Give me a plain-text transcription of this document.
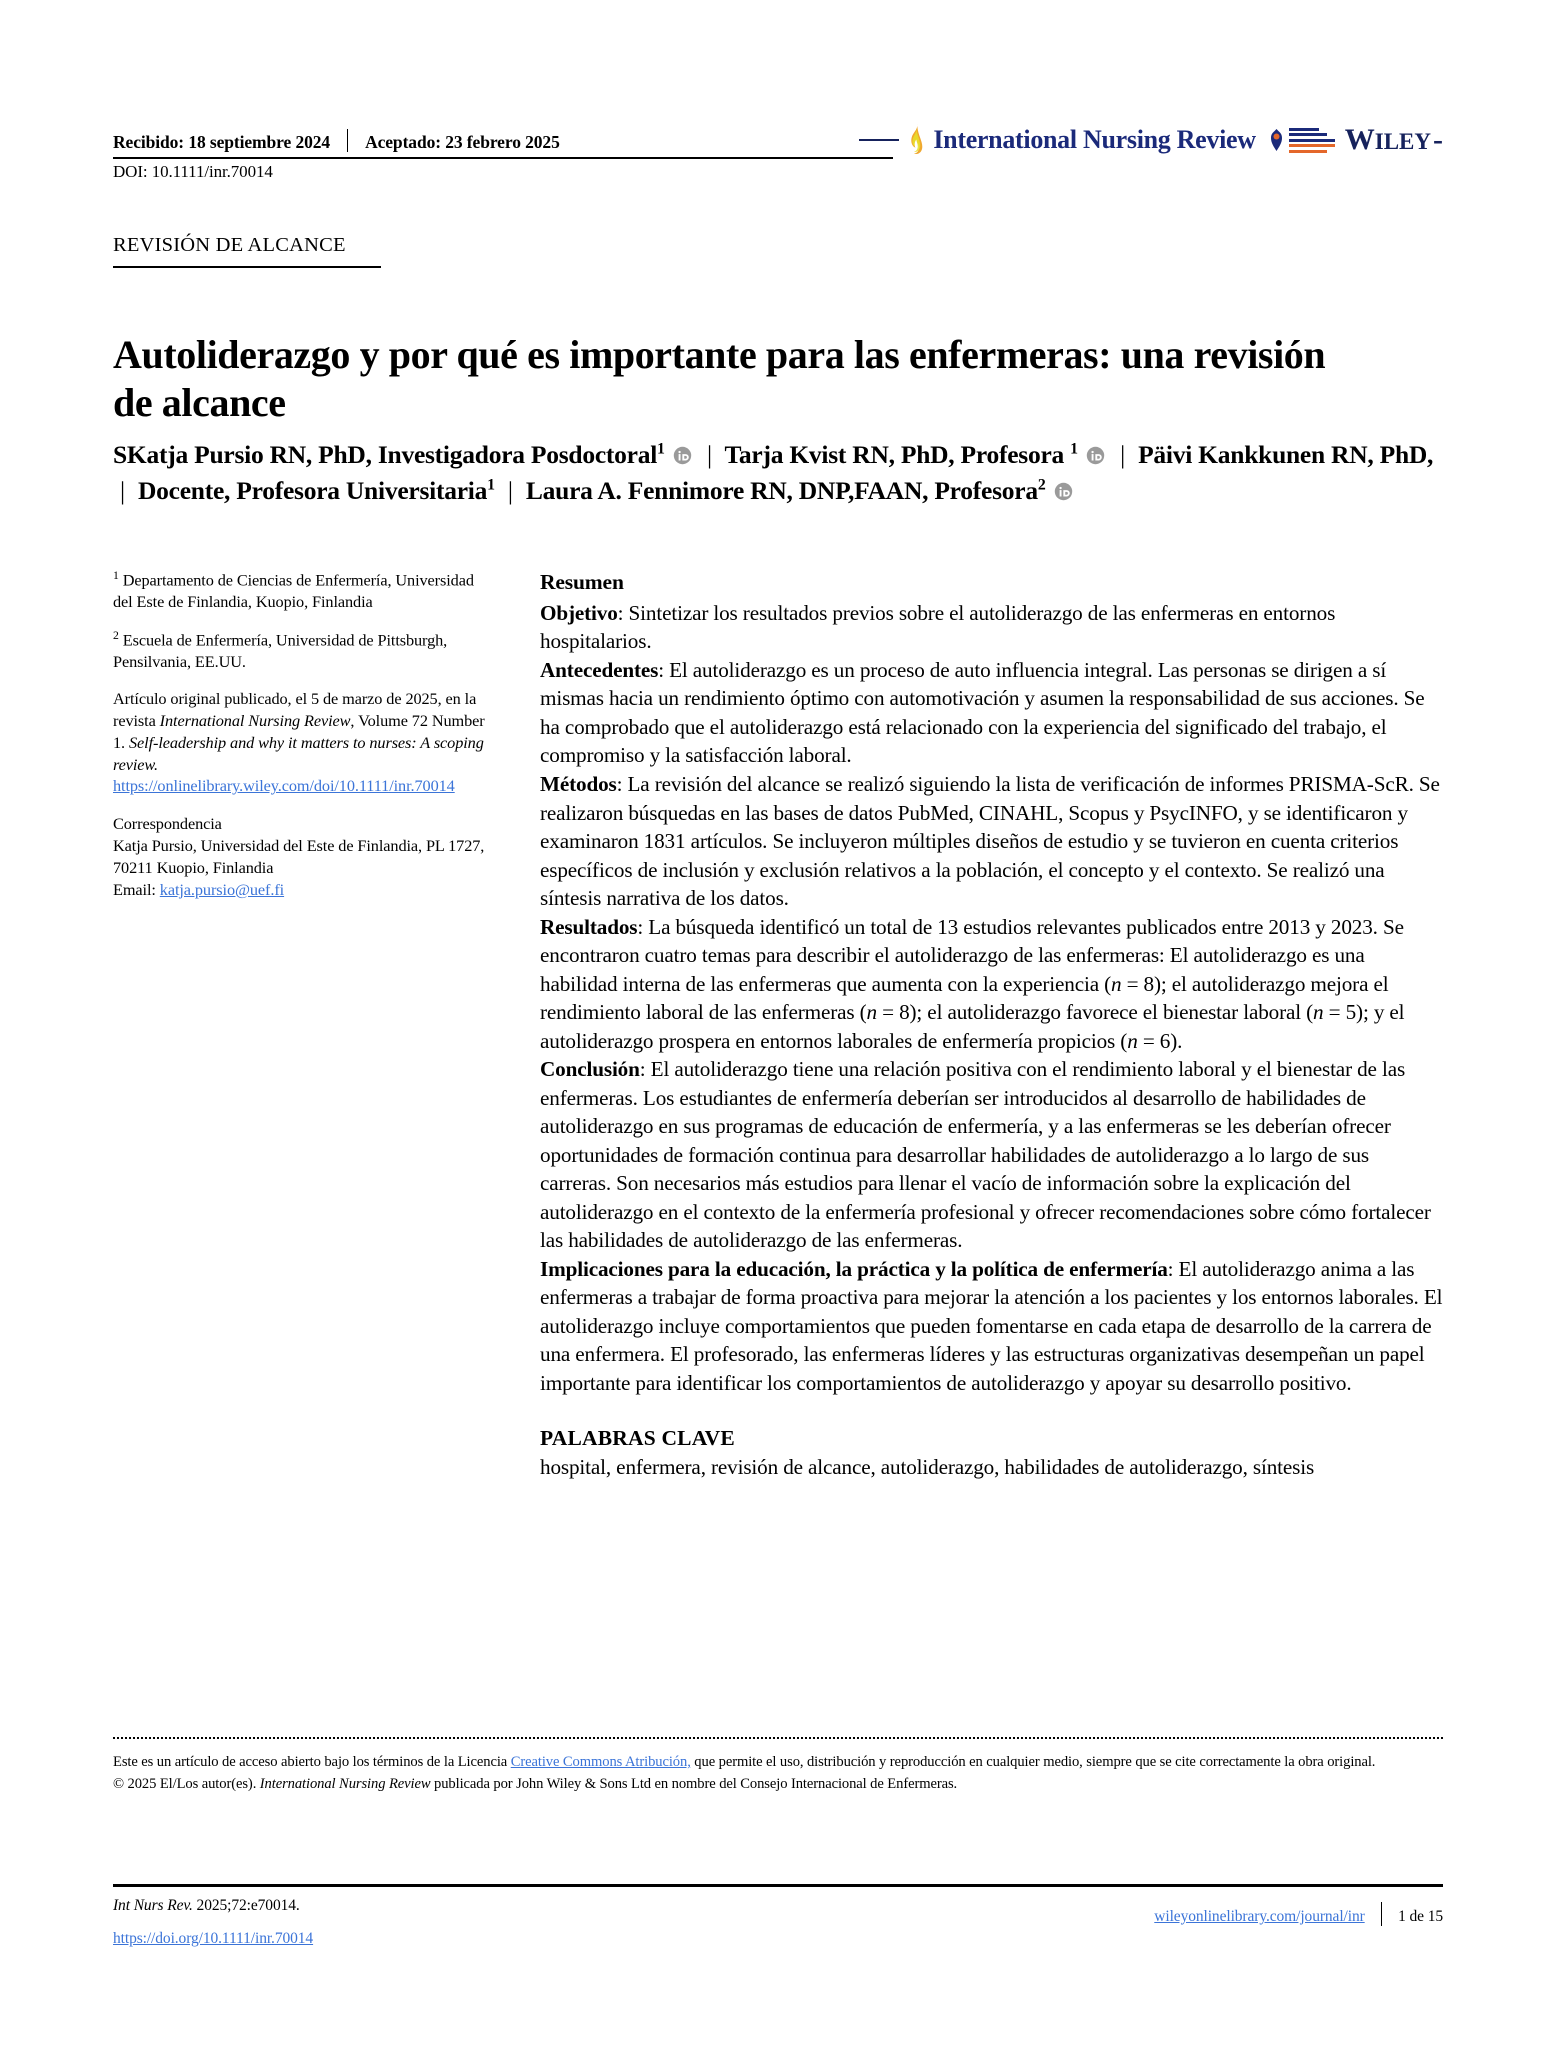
Recibido: 18 septiembre 2024 Aceptado: 23 febrero 2025
DOI: 10.1111/inr.70014
International Nursing Review	WILEY -
REVISIÓN DE ALCANCE
Autoliderazgo y por qué es importante para las enfermeras: una revisión de alcance
SKatja Pursio RN, PhD, Investigadora Posdoctoral$^1$ | Tarja Kvist RN, PhD, Profesora $^1$ | Päivi Kankkunen RN, PhD, | Docente, Profesora Universitaria$^1$ | Laura A. Fennimore RN, DNP,FAAN, Profesora$^2$

$^1$ Departamento de Ciencias de Enfermería, Universidad del Este de Finlandia, Kuopio, Finlandia

$^2$ Escuela de Enfermería, Universidad de Pittsburgh, Pensilvania, EE.UU.

Artículo original publicado, el 5 de marzo de 2025, en la revista International Nursing Review, Volume 72 Number 1. Self-leadership and why it matters to nurses: A scoping review.
https://onlinelibrary.wiley.com/doi/10.1111/inr.70014

Correspondencia

Katja Pursio, Universidad del Este de Finlandia, PL 1727, 70211 Kuopio, Finlandia
Email: katja.pursio@uef.fi

Resumen

Objetivo: Sintetizar los resultados previos sobre el autoliderazgo de las enfermeras en entornos hospitalarios.

Antecedentes: El autoliderazgo es un proceso de auto influencia integral. Las personas se dirigen a sí mismas hacia un rendimiento óptimo con automotivación y asumen la responsabilidad de sus acciones. Se ha comprobado que el autoliderazgo está relacionado con la experiencia del significado del trabajo, el compromiso y la satisfacción laboral.

Métodos: La revisión del alcance se realizó siguiendo la lista de verificación de informes PRISMA-ScR. Se realizaron búsquedas en las bases de datos PubMed, CINAHL, Scopus y PsycINFO, y se identificaron y examinaron 1831 artículos. Se incluyeron múltiples diseños de estudio y se tuvieron en cuenta criterios específicos de inclusión y exclusión relativos a la población, el concepto y el contexto. Se realizó una síntesis narrativa de los datos.

Resultados: La búsqueda identificó un total de 13 estudios relevantes publicados entre 2013 y 2023. Se encontraron cuatro temas para describir el autoliderazgo de las enfermeras: El autoliderazgo es una habilidad interna de las enfermeras que aumenta con la experiencia (n = 8); el autoliderazgo mejora el rendimiento laboral de las enfermeras (n = 8); el autoliderazgo favorece el bienestar laboral (n = 5); y el autoliderazgo prospera en entornos laborales de enfermería propicios (n = 6).

Conclusión: El autoliderazgo tiene una relación positiva con el rendimiento laboral y el bienestar de las enfermeras. Los estudiantes de enfermería deberían ser introducidos al desarrollo de habilidades de autoliderazgo en sus programas de educación de enfermería, y a las enfermeras se les deberían ofrecer oportunidades de formación continua para desarrollar habilidades de autoliderazgo a lo largo de sus carreras. Son necesarios más estudios para llenar el vacío de información sobre la explicación del autoliderazgo en el contexto de la enfermería profesional y ofrecer recomendaciones sobre cómo fortalecer las habilidades de autoliderazgo de las enfermeras.

Implicaciones para la educación, la práctica y la política de enfermería: El autoliderazgo anima a las enfermeras a trabajar de forma proactiva para mejorar la atención a los pacientes y los entornos laborales. El autoliderazgo incluye comportamientos que pueden fomentarse en cada etapa de desarrollo de la carrera de una enfermera. El profesorado, las enfermeras líderes y las estructuras organizativas desempeñan un papel importante para identificar los comportamientos de autoliderazgo y apoyar su desarrollo positivo.

PALABRAS CLAVE

hospital, enfermera, revisión de alcance, autoliderazgo, habilidades de autoliderazgo, síntesis

Este es un artículo de acceso abierto bajo los términos de la Licencia Creative Commons Atribución, que permite el uso, distribución y reproducción en cualquier medio, siempre que se cite correctamente la obra original.

© 2025 El/Los autor(es). International Nursing Review publicada por John Wiley & Sons Ltd en nombre del Consejo Internacional de Enfermeras.

Int Nurs Rev. 2025;72:e70014.
https://doi.org/10.1111/inr.70014
wileyonlinelibrary.com/journal/inr 1 de 15
